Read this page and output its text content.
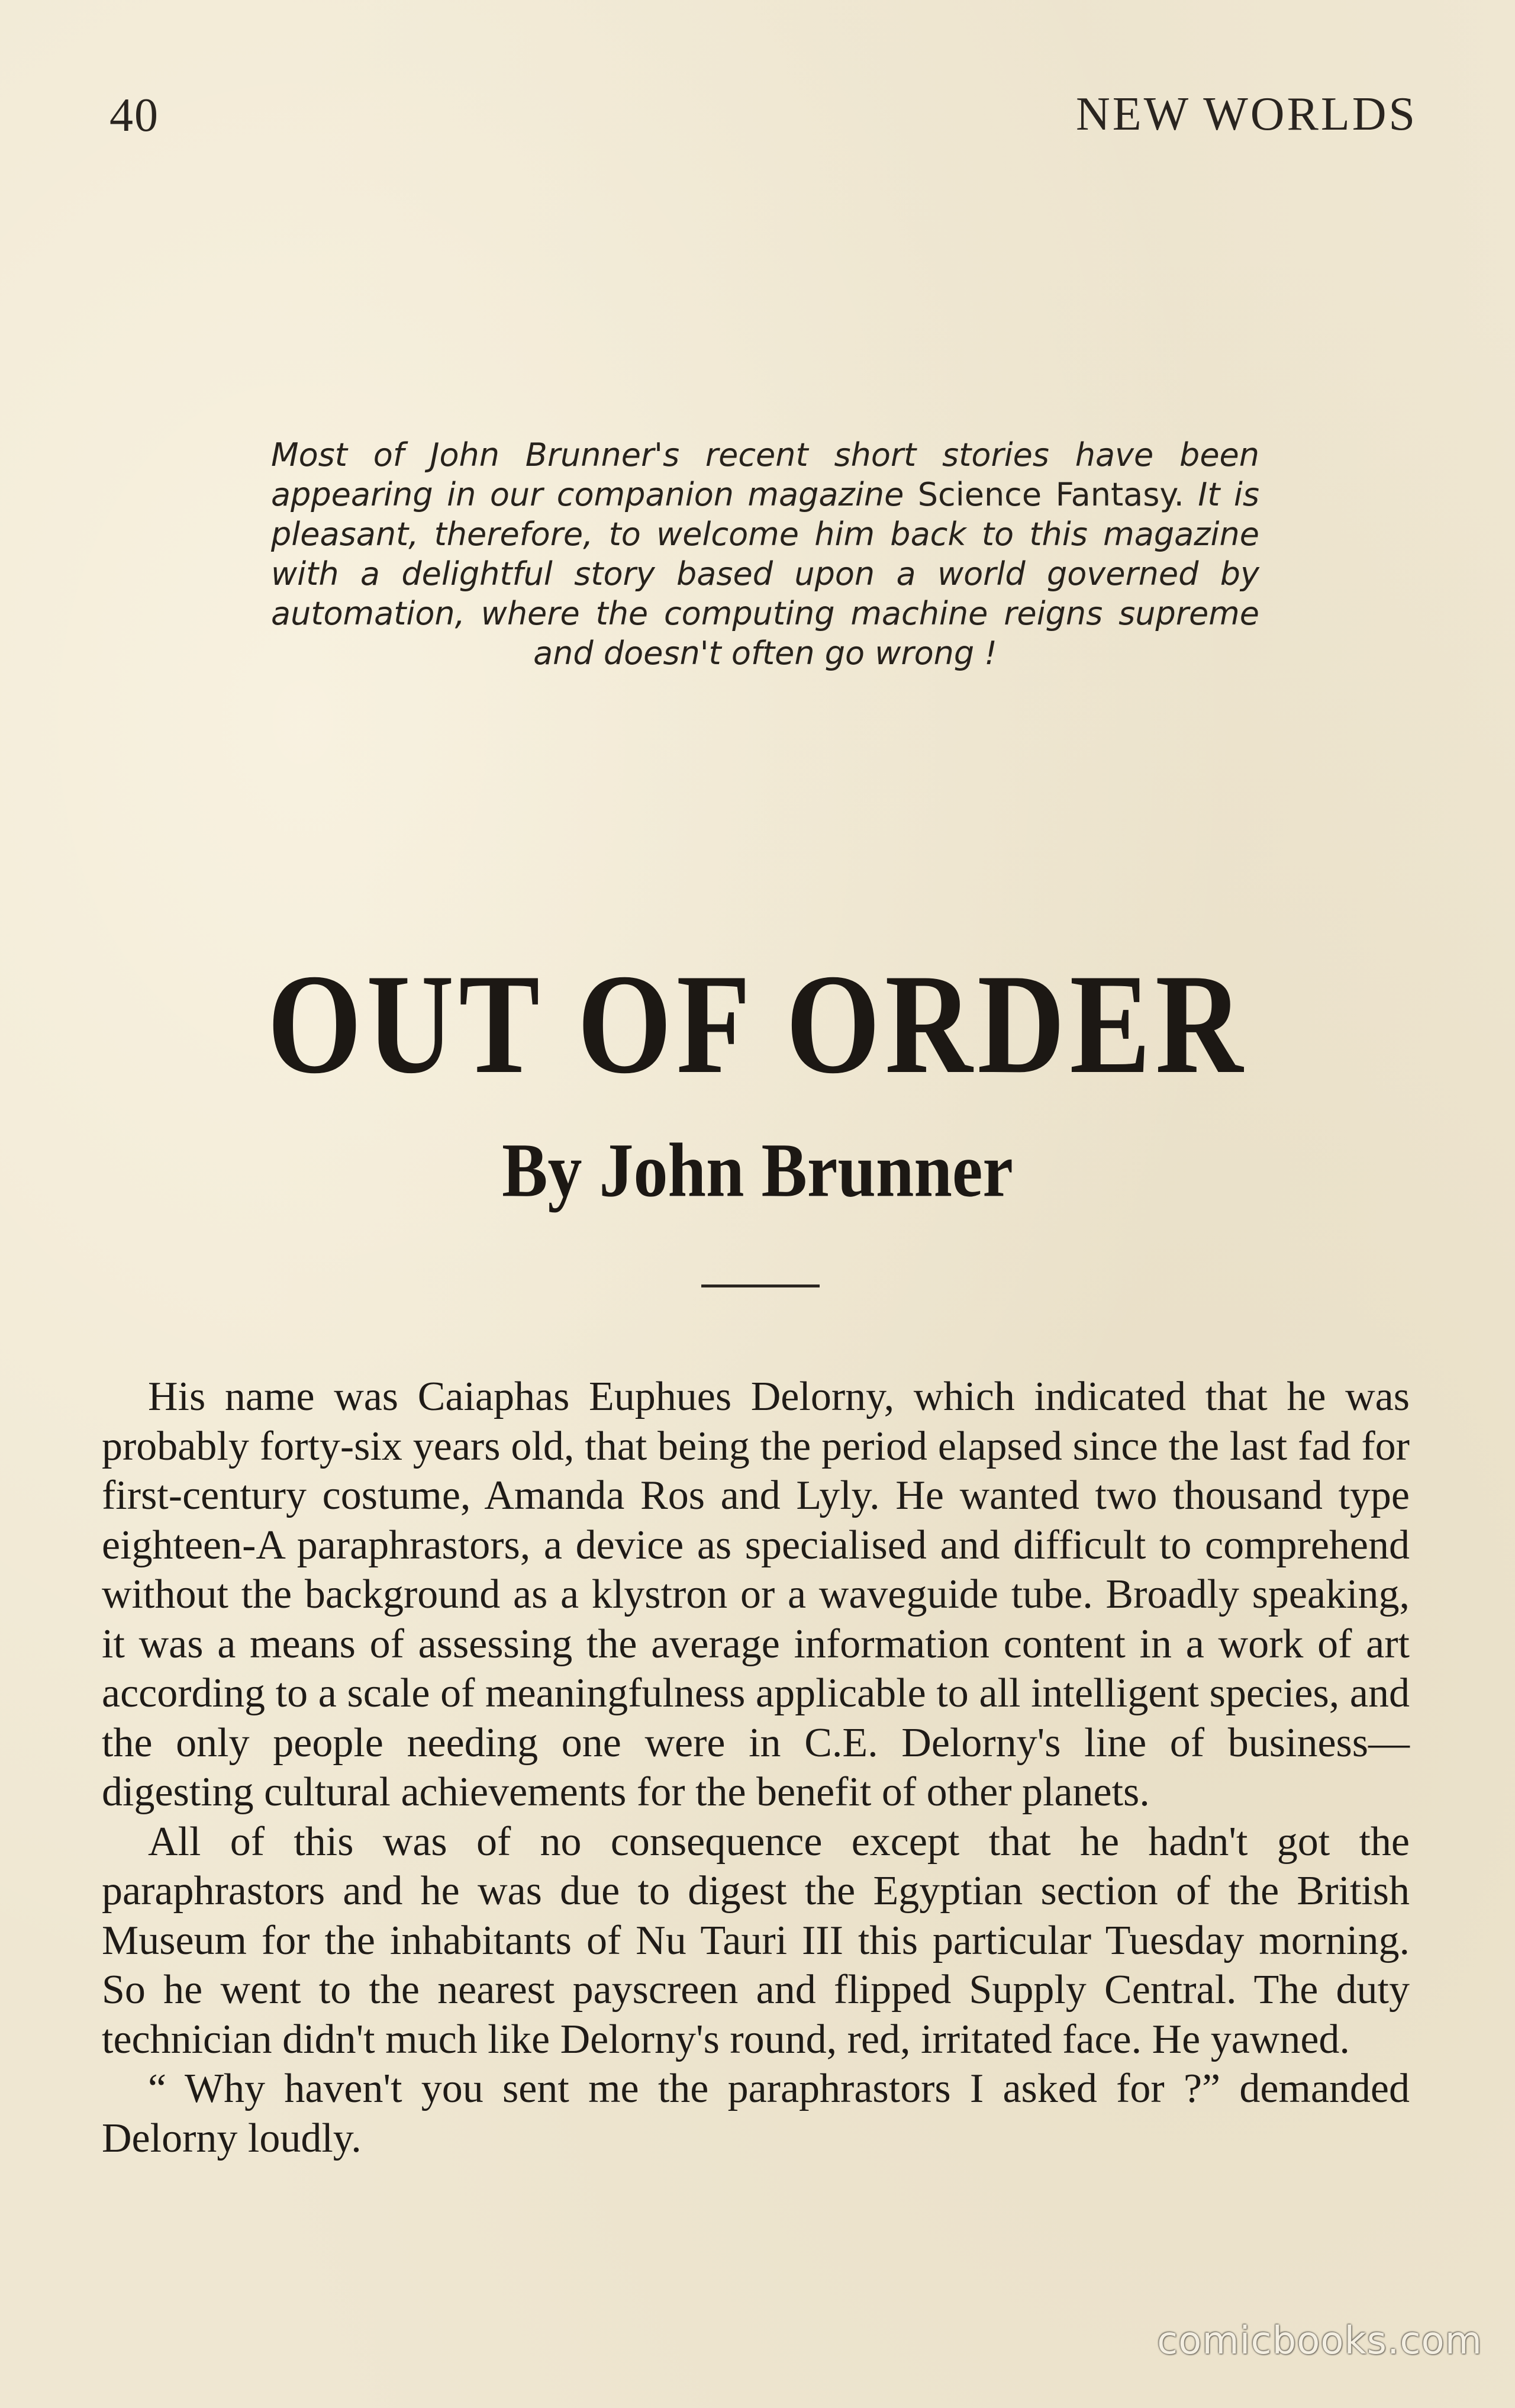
40	NEW WORLDS
Most of John Brunner's recent short stories have been appearing in our companion magazine Science Fantasy. It is pleasant, therefore, to welcome him back to this magazine with a delightful story based upon a world governed by automation, where the computing machine reigns supreme and doesn't often go wrong !
OUT OF ORDER
By John Brunner

His name was Caiaphas Euphues Delorny, which indicated that he was probably forty-six years old, that being the period elapsed since the last fad for first-century costume, Amanda Ros and Lyly. He wanted two thousand type eighteen-A paraphrastors, a device as specialised and difficult to comprehend without the background as a klystron or a waveguide tube. Broadly speaking, it was a means of assessing the average information content in a work of art according to a scale of meaningfulness applicable to all intelligent species, and the only people needing one were in C.E. Delorny's line of business—digesting cultural achievements for the benefit of other planets.

All of this was of no consequence except that he hadn't got the paraphrastors and he was due to digest the Egyptian section of the British Museum for the inhabitants of Nu Tauri III this particular Tuesday morning. So he went to the nearest payscreen and flipped Supply Central. The duty technician didn't much like Delorny's round, red, irritated face. He yawned.

“ Why haven't you sent me the paraphrastors I asked for ?” demanded Delorny loudly.

comicbooks.com
